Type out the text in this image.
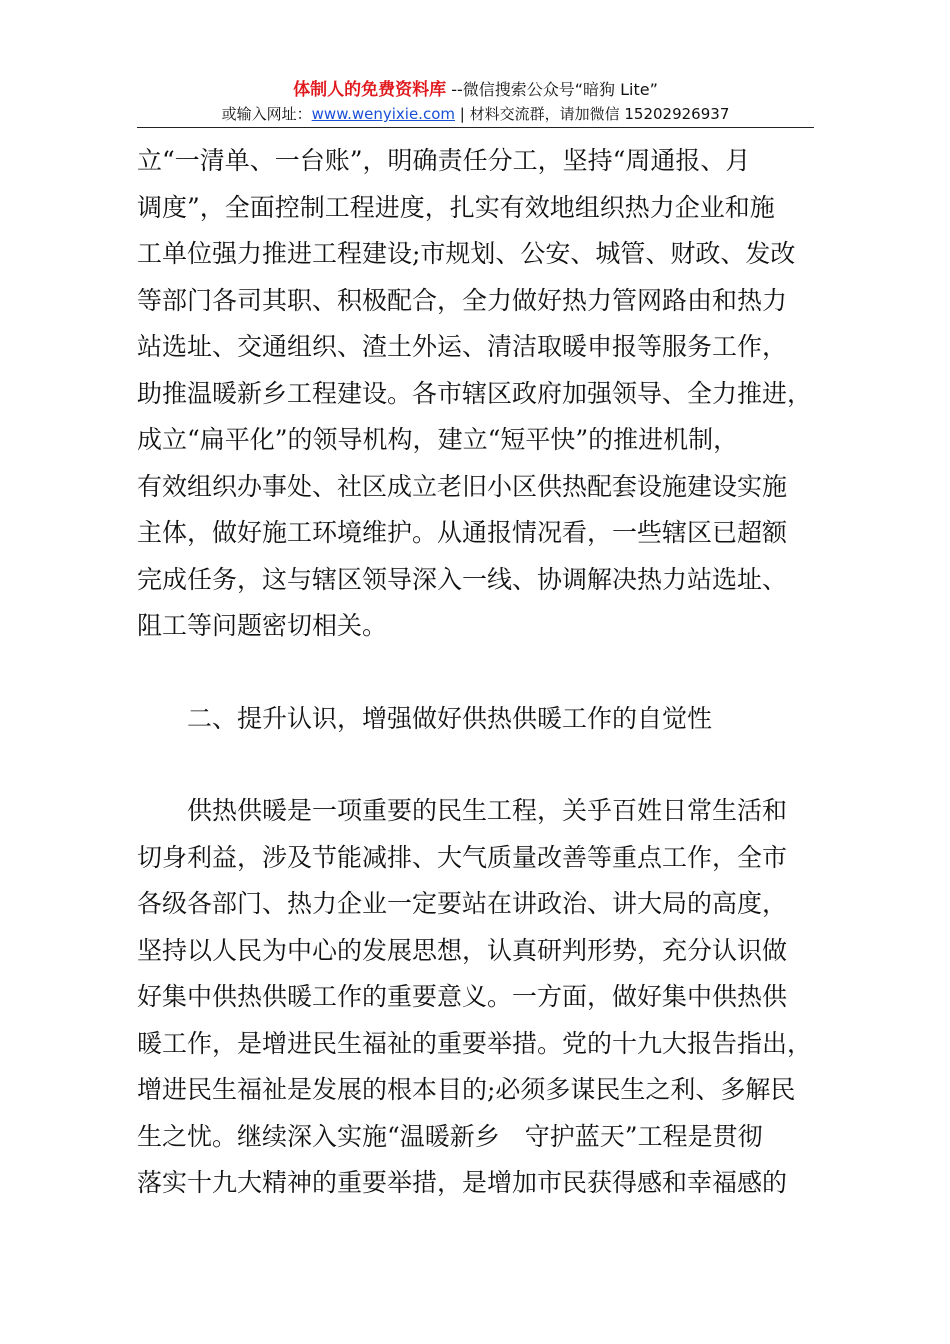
体制人的免费资料库 --微信搜索公众号“暗狗 Lite”
或输入网址：www.wenyixie.com | 材料交流群，请加微信 15202926937

立“一清单、一台账”，明确责任分工，坚持“周通报、月
调度”，全面控制工程进度，扎实有效地组织热力企业和施
工单位强力推进工程建设;市规划、公安、城管、财政、发改
等部门各司其职、积极配合，全力做好热力管网路由和热力
站选址、交通组织、渣土外运、清洁取暖申报等服务工作，
助推温暖新乡工程建设。各市辖区政府加强领导、全力推进，
成立“扁平化”的领导机构，建立“短平快”的推进机制，
有效组织办事处、社区成立老旧小区供热配套设施建设实施
主体，做好施工环境维护。从通报情况看，一些辖区已超额
完成任务，这与辖区领导深入一线、协调解决热力站选址、
阻工等问题密切相关。

二、提升认识，增强做好供热供暖工作的自觉性

供热供暖是一项重要的民生工程，关乎百姓日常生活和
切身利益，涉及节能减排、大气质量改善等重点工作，全市
各级各部门、热力企业一定要站在讲政治、讲大局的高度，
坚持以人民为中心的发展思想，认真研判形势，充分认识做
好集中供热供暖工作的重要意义。一方面，做好集中供热供
暖工作，是增进民生福祉的重要举措。党的十九大报告指出，
增进民生福祉是发展的根本目的;必须多谋民生之利、多解民
生之忧。继续深入实施“温暖新乡　守护蓝天”工程是贯彻
落实十九大精神的重要举措，是增加市民获得感和幸福感的
